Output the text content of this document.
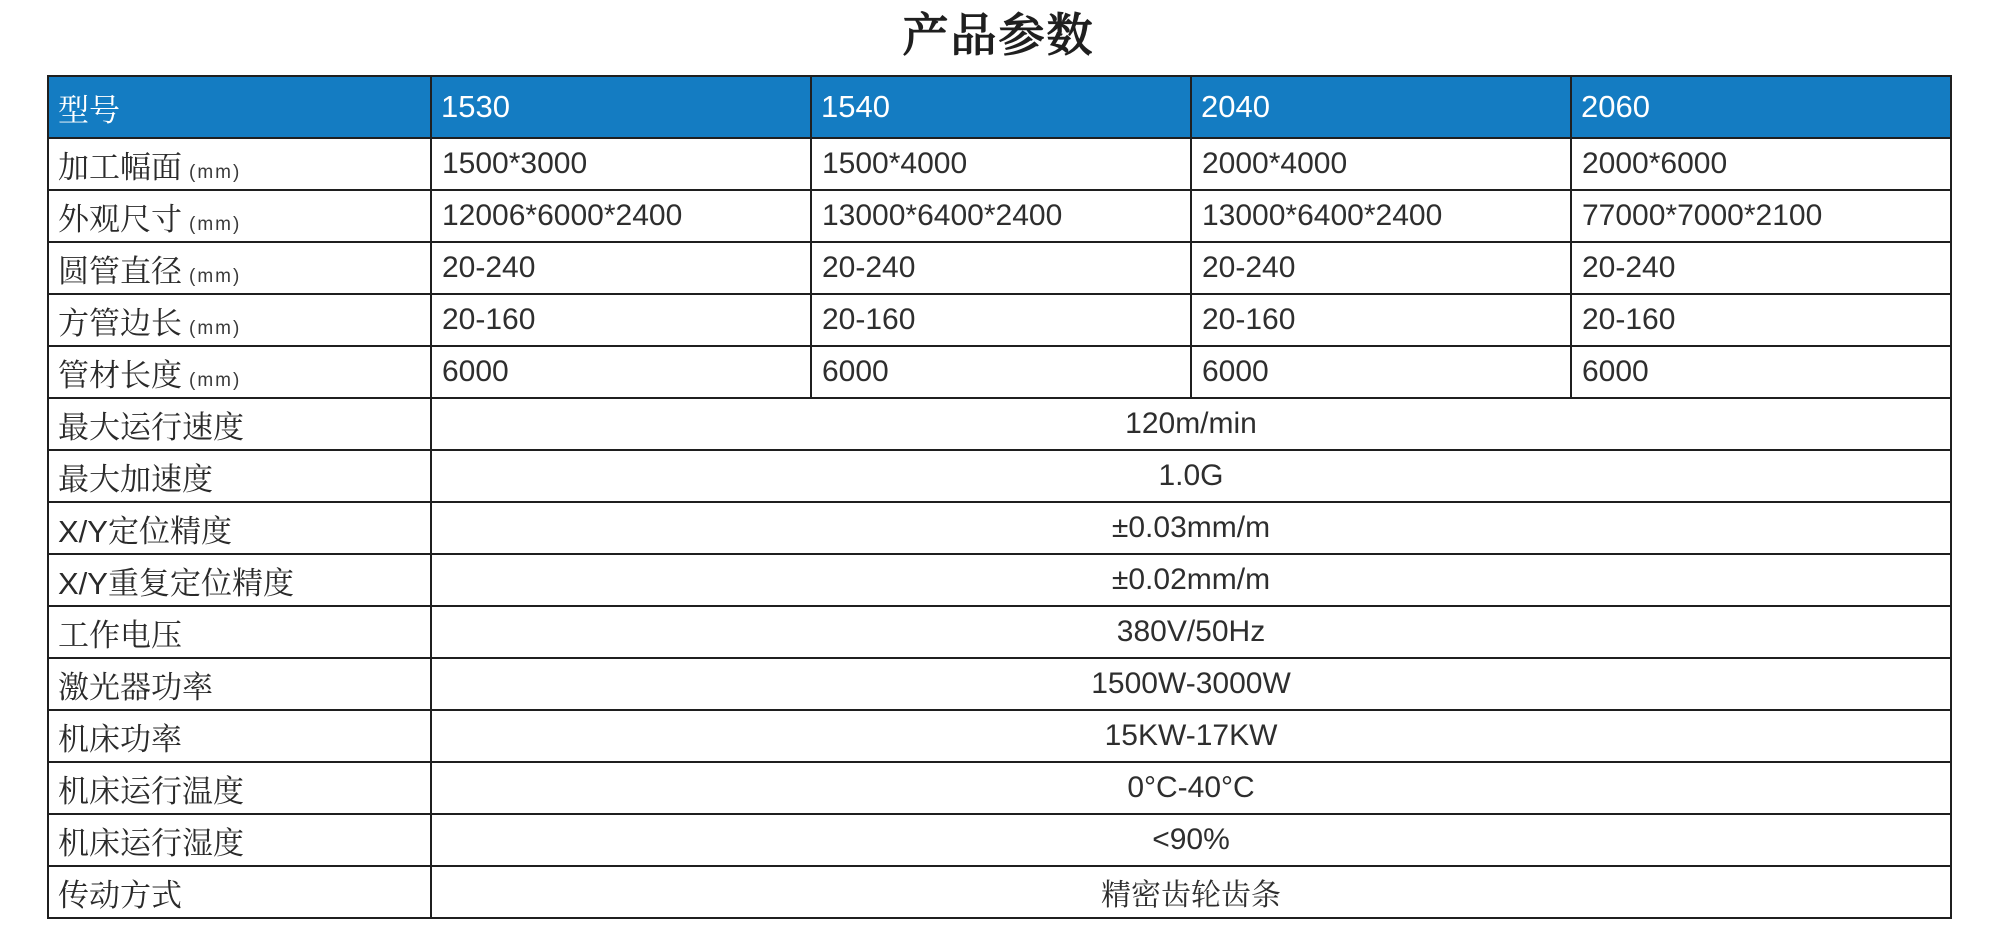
产品参数
型号	1530	1540	2040	2060
加工幅面 (mm)	1500*3000	1500*4000	2000*4000	2000*6000
外观尺寸 (mm)	12006*6000*2400	13000*6400*2400	13000*6400*2400	77000*7000*2100
圆管直径 (mm)	20-240	20-240	20-240	20-240
方管边长 (mm)	20-160	20-160	20-160	20-160
管材长度 (mm)	6000	6000	6000	6000
最大运行速度	120m/min			
最大加速度	1.0G			
X/Y定位精度	±0.03mm/m			
X/Y重复定位精度	±0.02mm/m			
工作电压	380V/50Hz			
激光器功率	1500W-3000W			
机床功率	15KW-17KW			
机床运行温度	0°C-40°C			
机床运行湿度	<90%			
传动方式	精密齿轮齿条			
